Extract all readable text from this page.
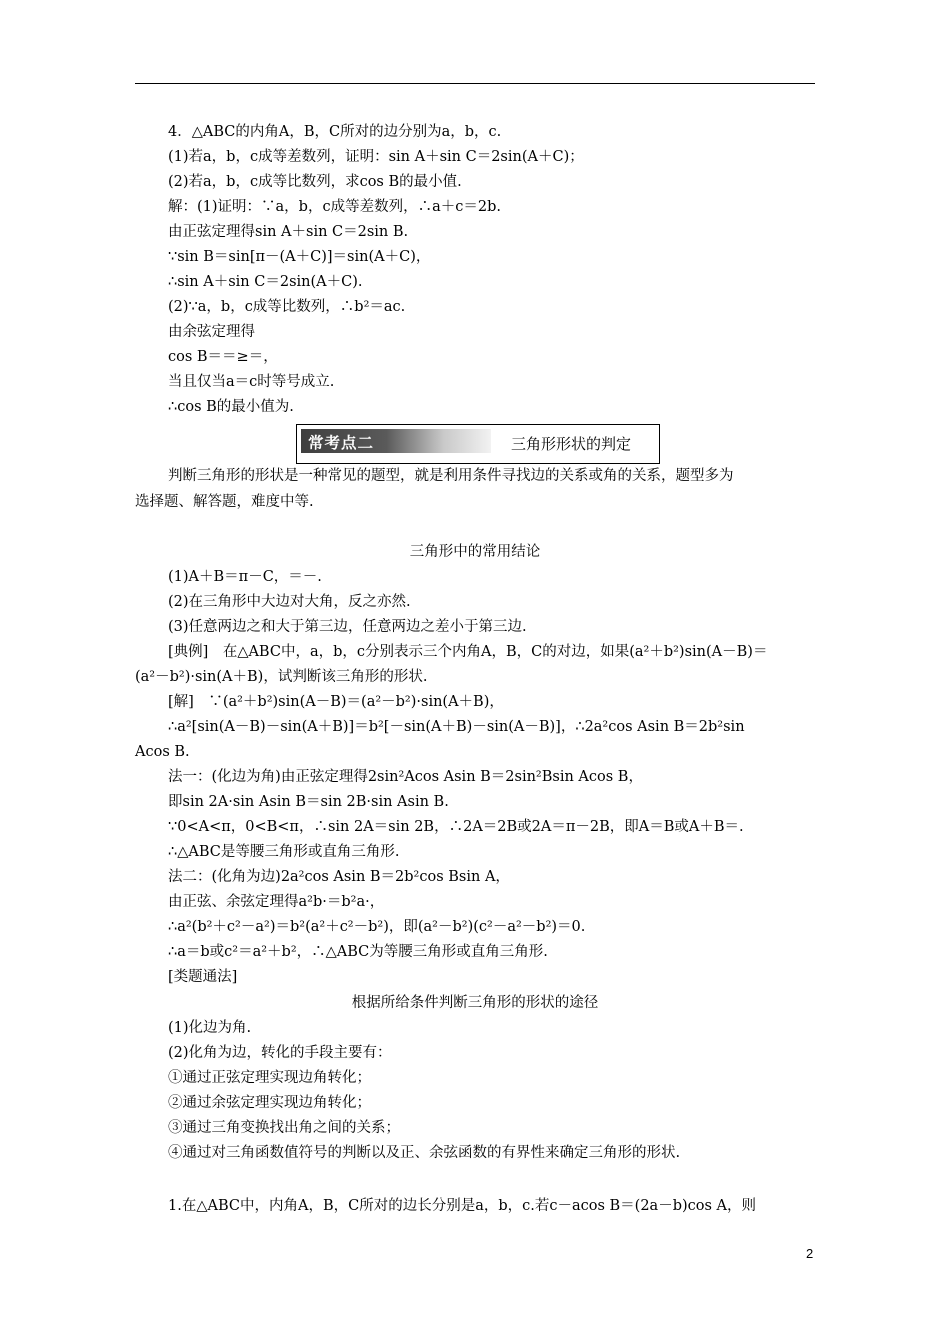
4．△ABC的内角A，B，C所对的边分别为a，b，c.
(1)若a，b，c成等差数列，证明：sin A＋sin C＝2sin(A＋C)；
(2)若a，b，c成等比数列，求cos B的最小值.
解：(1)证明：∵a，b，c成等差数列，∴a＋c＝2b.
由正弦定理得sin A＋sin C＝2sin B.
∵sin B＝sin[π－(A＋C)]＝sin(A＋C)，
∴sin A＋sin C＝2sin(A＋C).
(2)∵a，b，c成等比数列，∴b²＝ac.
由余弦定理得
cos B＝＝≥＝，
当且仅当a＝c时等号成立.
∴cos B的最小值为.
常考点二	三角形形状的判定
判断三角形的形状是一种常见的题型，就是利用条件寻找边的关系或角的关系，题型多为
选择题、解答题，难度中等.
三角形中的常用结论
(1)A＋B＝π－C，＝－.
(2)在三角形中大边对大角，反之亦然.
(3)任意两边之和大于第三边，任意两边之差小于第三边.
[典例]　在△ABC中，a，b，c分别表示三个内角A，B，C的对边，如果(a²＋b²)sin(A－B)＝
(a²－b²)·sin(A＋B)，试判断该三角形的形状.
[解]　∵(a²＋b²)sin(A－B)＝(a²－b²)·sin(A＋B)，
∴a²[sin(A－B)－sin(A＋B)]＝b²[－sin(A＋B)－sin(A－B)]，∴2a²cos Asin B＝2b²sin
Acos B.
法一：(化边为角)由正弦定理得2sin²Acos Asin B＝2sin²Bsin Acos B，
即sin 2A·sin Asin B＝sin 2B·sin Asin B.
∵0<A<π，0<B<π，∴sin 2A＝sin 2B，∴2A＝2B或2A＝π－2B，即A＝B或A＋B＝.
∴△ABC是等腰三角形或直角三角形.
法二：(化角为边)2a²cos Asin B＝2b²cos Bsin A，
由正弦、余弦定理得a²b·＝b²a·，
∴a²(b²＋c²－a²)＝b²(a²＋c²－b²)，即(a²－b²)(c²－a²－b²)＝0.
∴a＝b或c²＝a²＋b²，∴△ABC为等腰三角形或直角三角形.
[类题通法]
根据所给条件判断三角形的形状的途径
(1)化边为角.
(2)化角为边，转化的手段主要有：
①通过正弦定理实现边角转化；
②通过余弦定理实现边角转化；
③通过三角变换找出角之间的关系；
④通过对三角函数值符号的判断以及正、余弦函数的有界性来确定三角形的形状.
1.在△ABC中，内角A，B，C所对的边长分别是a，b，c.若c－acos B＝(2a－b)cos A，则
2
